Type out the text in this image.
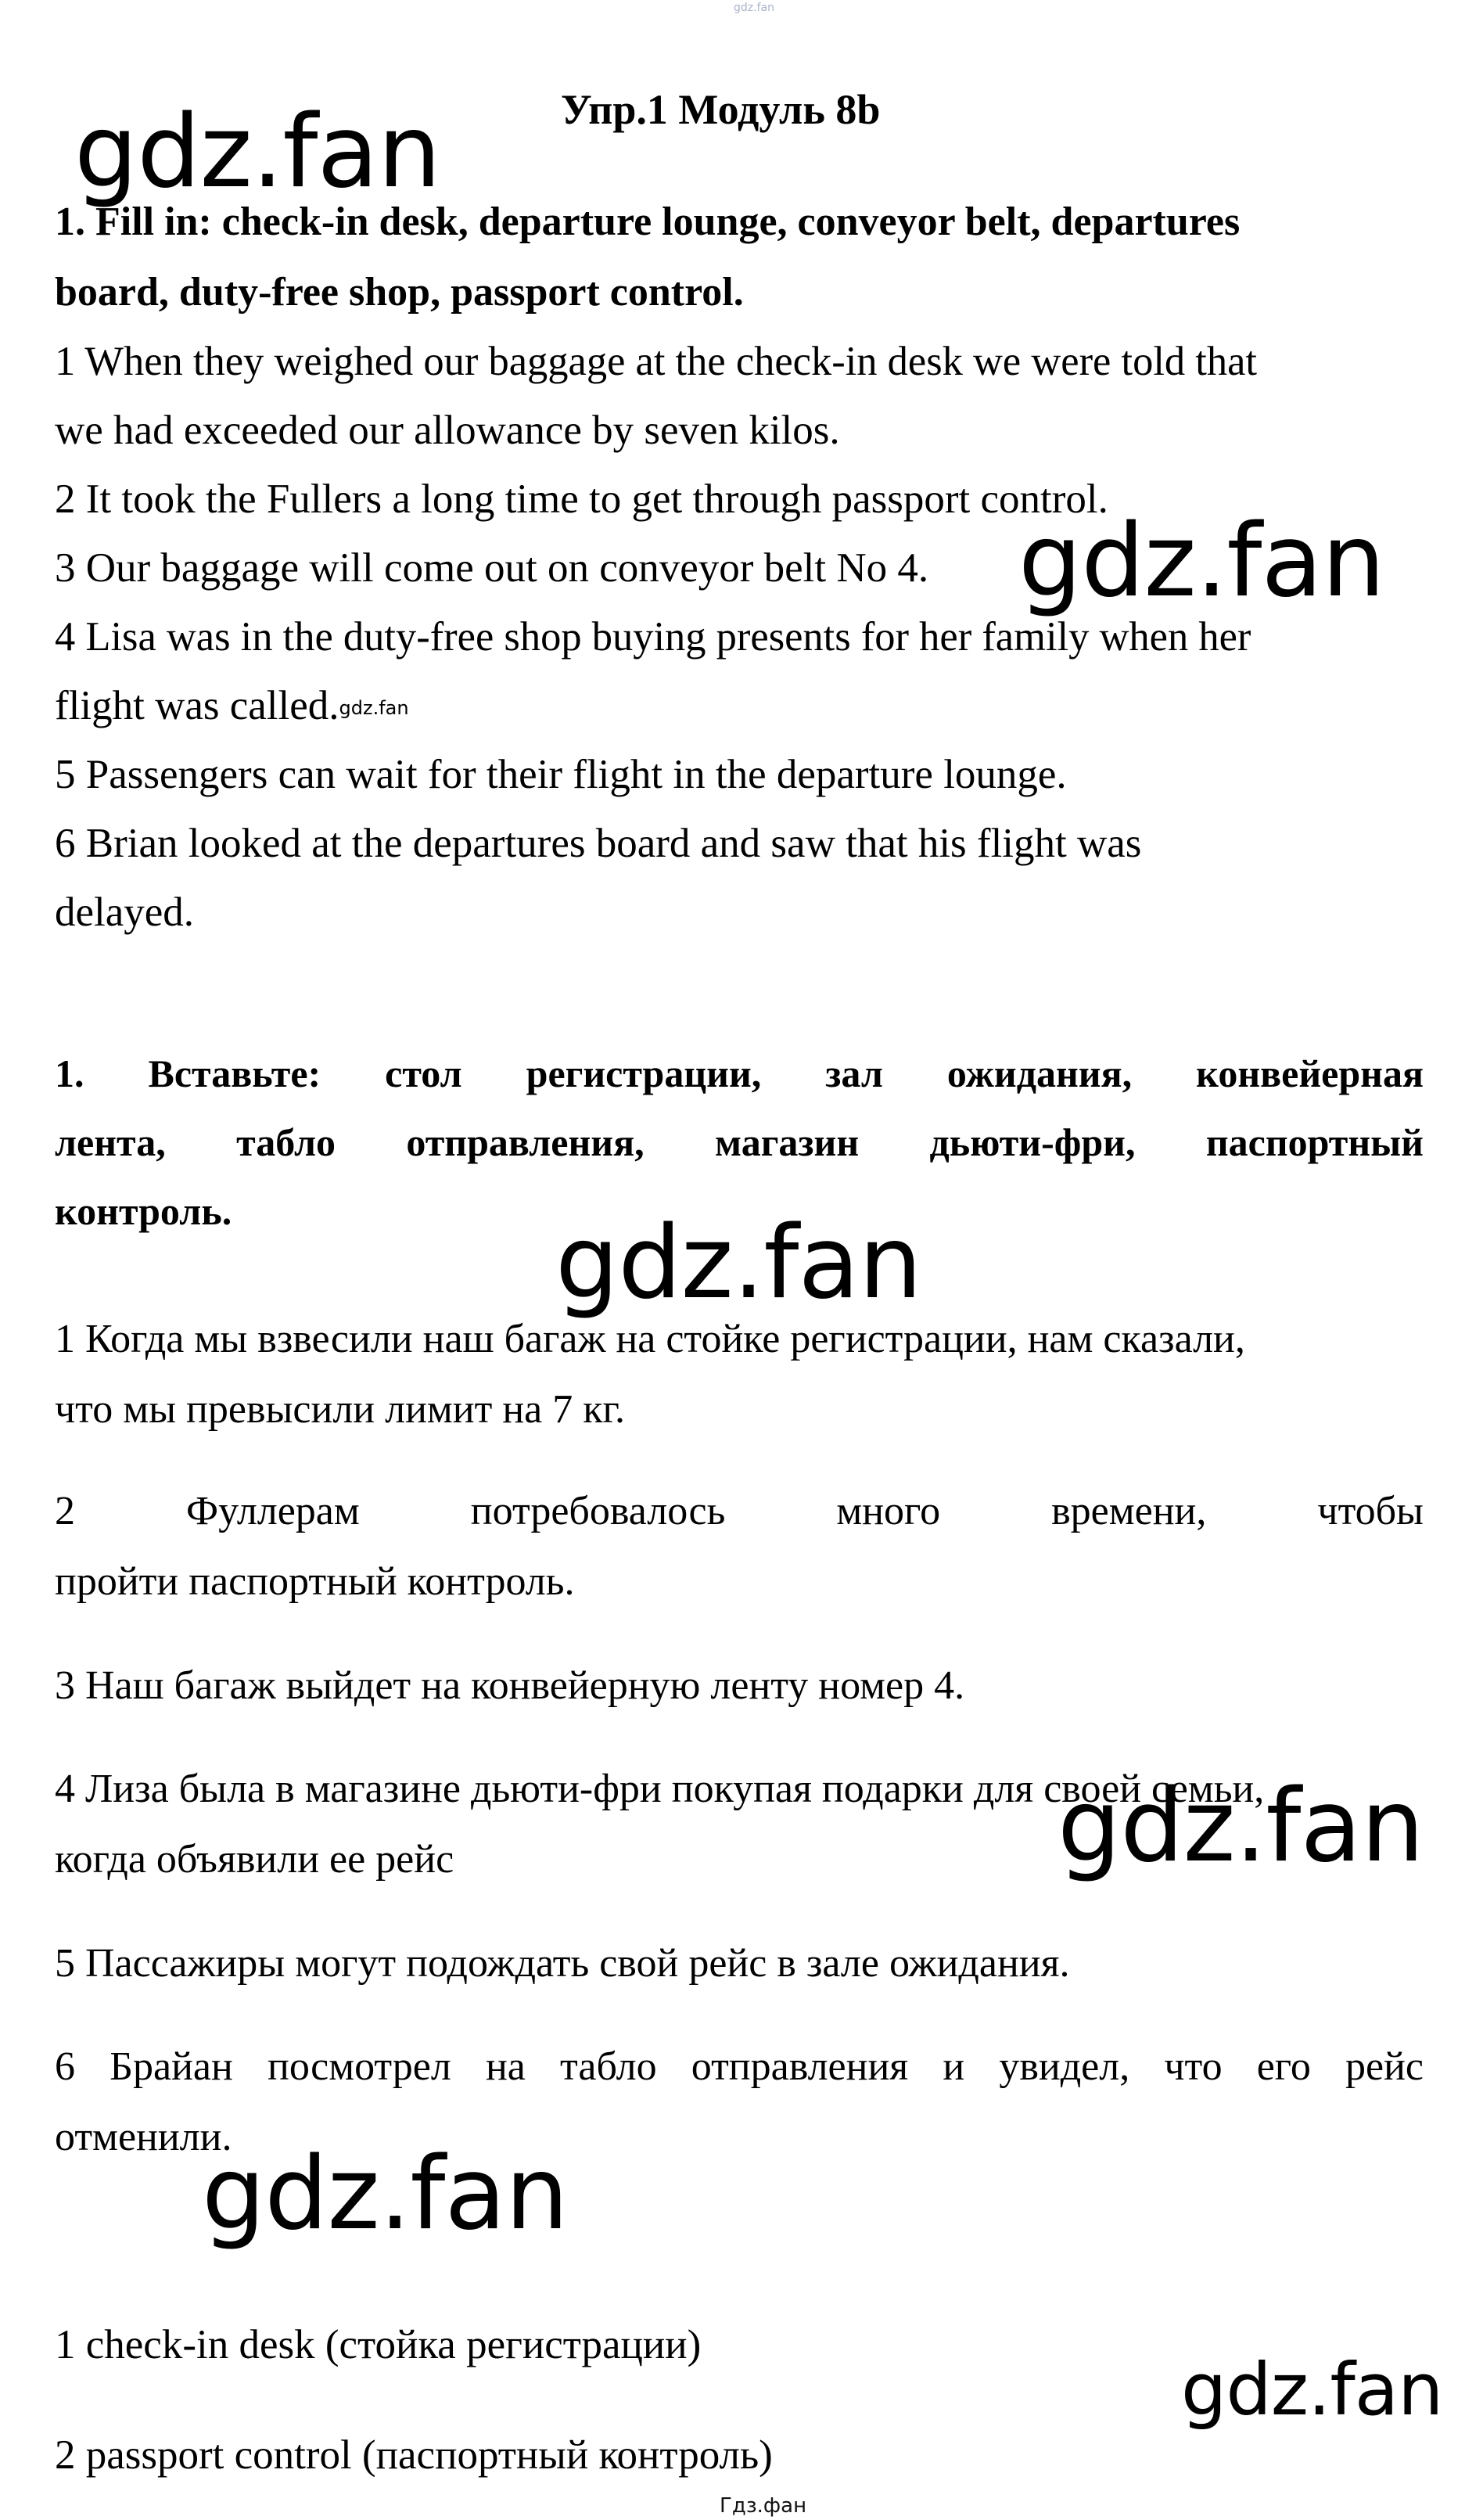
gdz.fan
gdz.fan
gdz.fan
gdz.fan
gdz.fan
gdz.fan
gdz.fan
Упр.1 Модуль 8b
1. Fill in: check-in desk, departure lounge, conveyor belt, departures
board, duty-free shop, passport control.
1 When they weighed our baggage at the check-in desk we were told that
we had exceeded our allowance by seven kilos.
2 It took the Fullers a long time to get through passport control.
3 Our baggage will come out on conveyor belt No 4.
4 Lisa was in the duty-free shop buying presents for her family when her
flight was called.gdz.fan
5 Passengers can wait for their flight in the departure lounge.
6 Brian looked at the departures board and saw that his flight was
delayed.
1. Вставьте: стол регистрации, зал ожидания, конвейерная
лента, табло отправления, магазин дьюти-фри, паспортный
контроль.
1 Когда мы взвесили наш багаж на стойке регистрации, нам сказали,
что мы превысили лимит на 7 кг.
2 Фуллерам потребовалось много времени, чтобы
пройти паспортный контроль.
3 Наш багаж выйдет на конвейерную ленту номер 4.
4 Лиза была в магазине дьюти-фри покупая подарки для своей семьи,
когда объявили ее рейс
5 Пассажиры могут подождать свой рейс в зале ожидания.
6 Брайан посмотрел на табло отправления и увидел, что его рейс
отменили.
1 check-in desk (стойка регистрации)
2 passport control (паспортный контроль)
Гдз.фан
